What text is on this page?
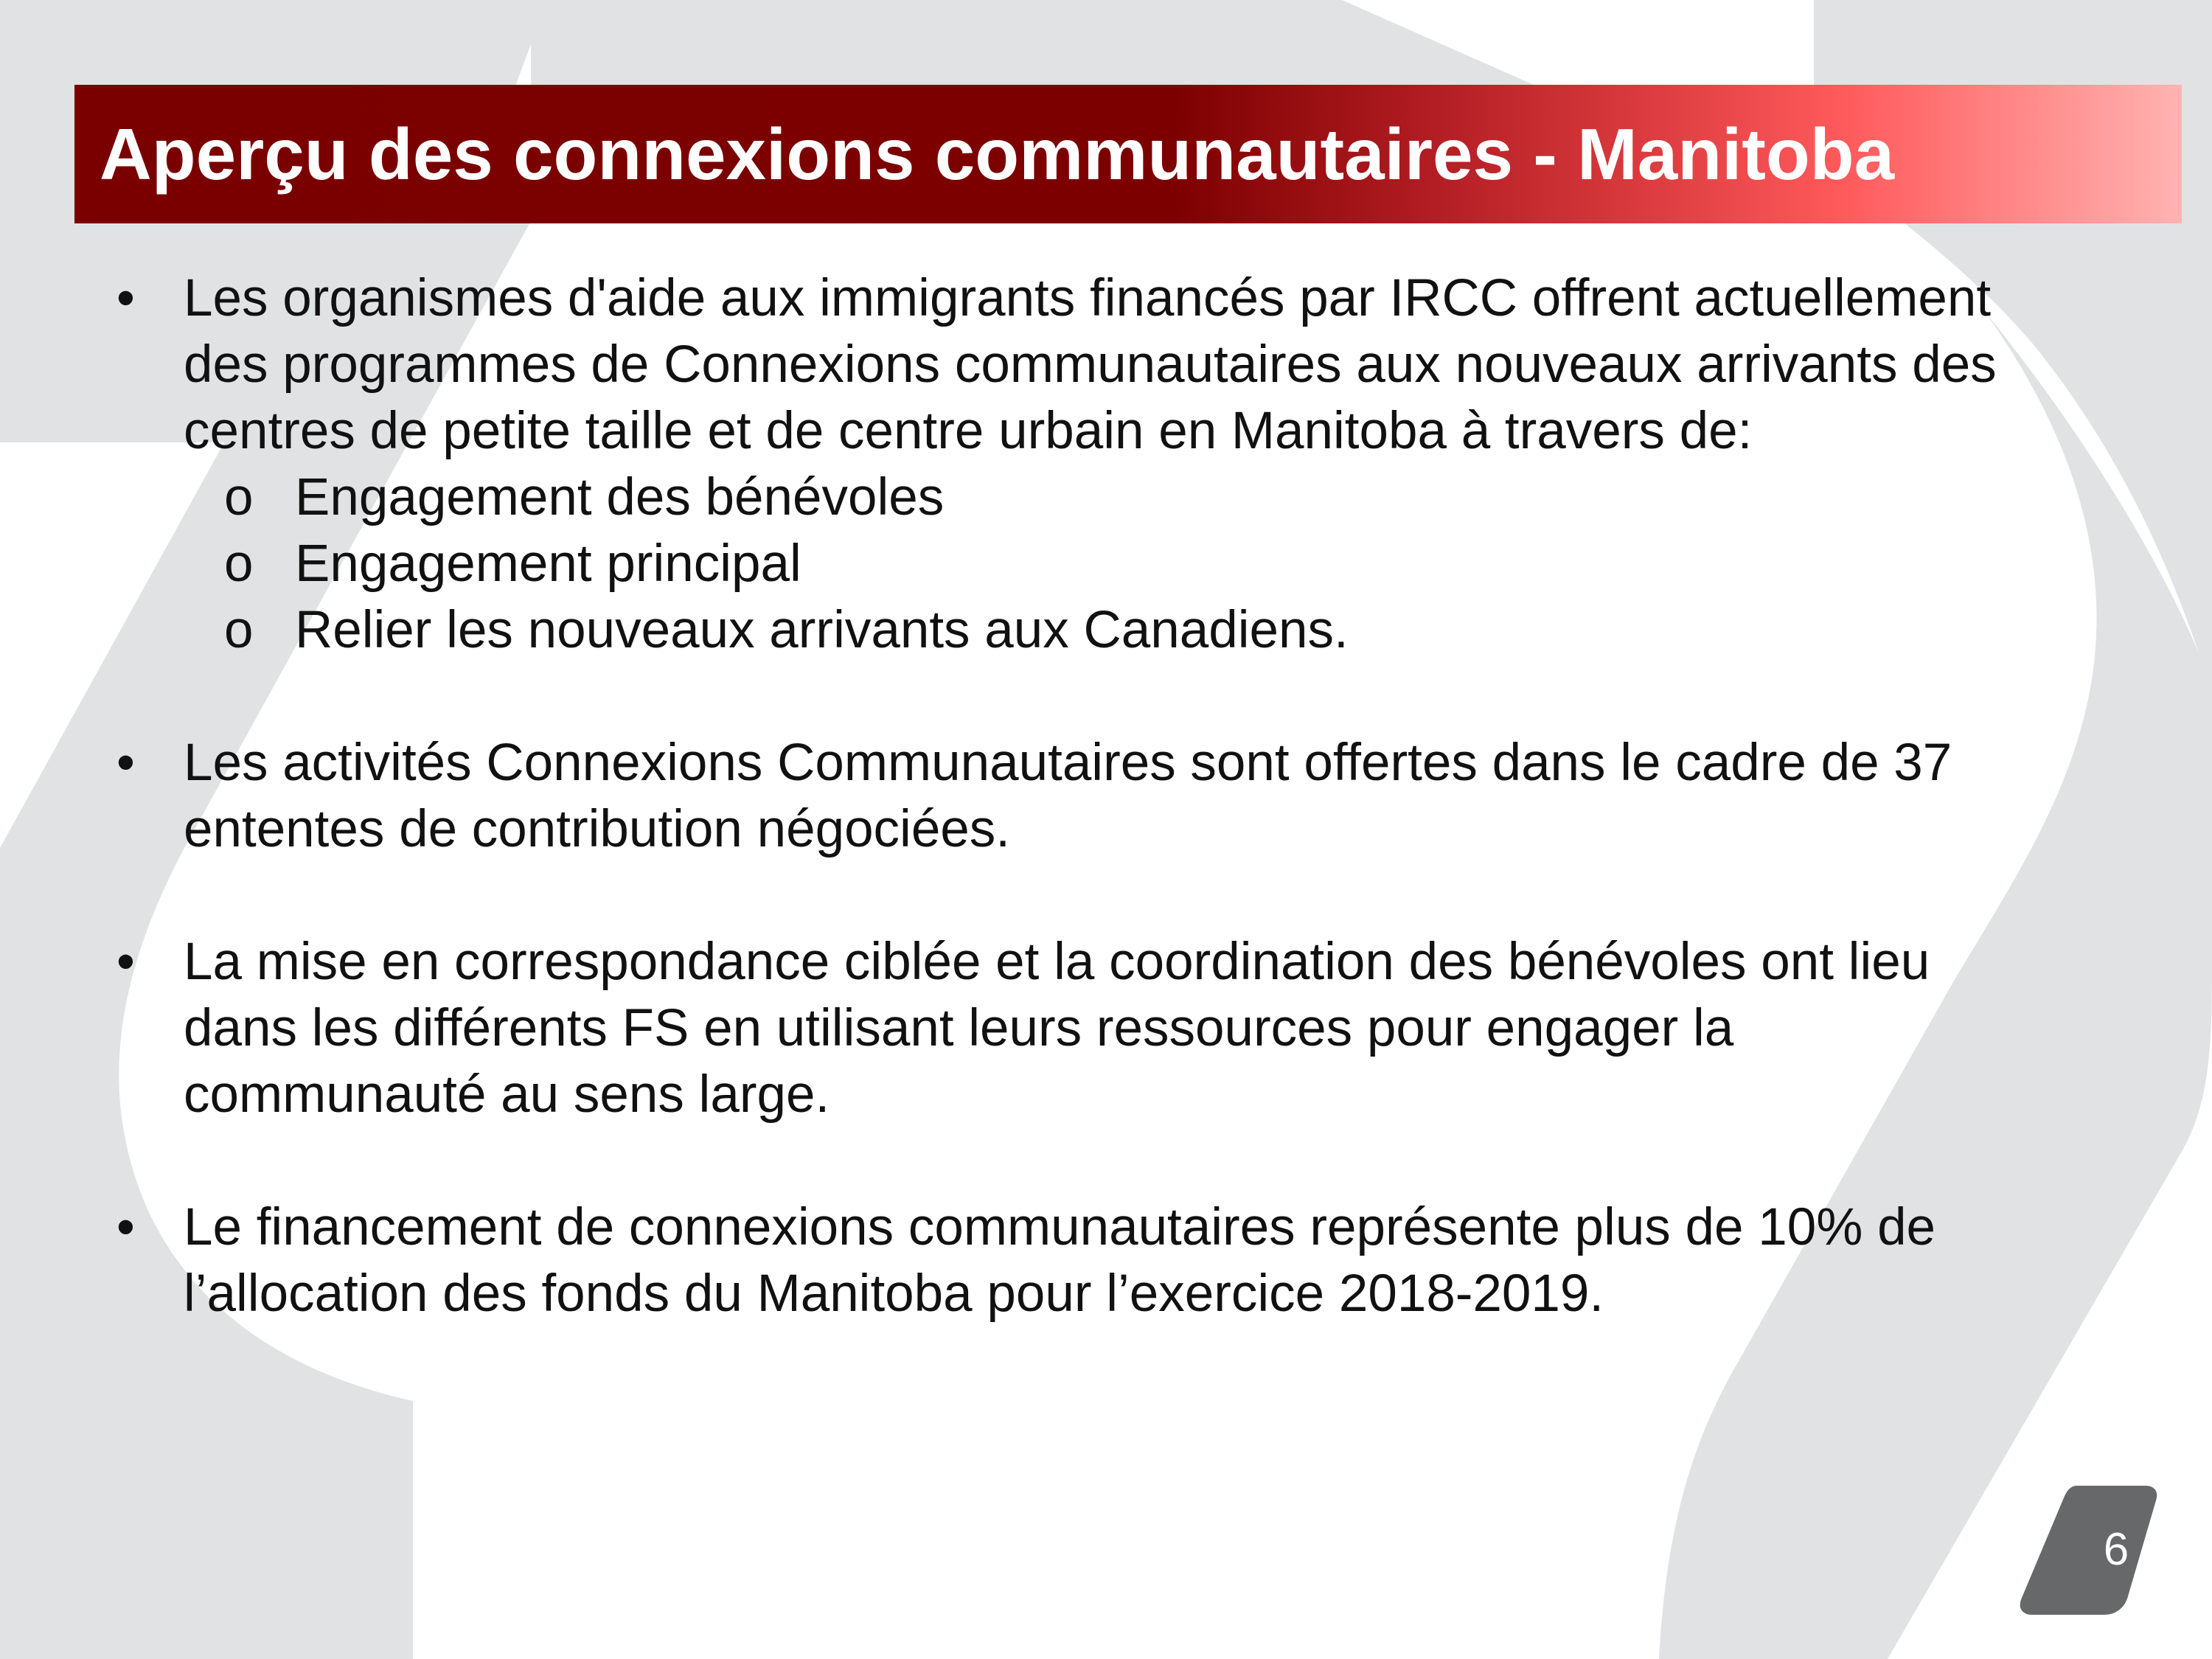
Aperçu des connexions communautaires - Manitoba
• Les organismes d'aide aux immigrants financés par IRCC offrent actuellement des programmes de Connexions communautaires aux nouveaux arrivants des centres de petite taille et de centre urbain en Manitoba à travers de:
o Engagement des bénévoles
o Engagement principal
o Relier les nouveaux arrivants aux Canadiens.
• Les activités Connexions Communautaires sont offertes dans le cadre de 37 ententes de contribution négociées.
• La mise en correspondance ciblée et la coordination des bénévoles ont lieu dans les différents FS en utilisant leurs ressources pour engager la communauté au sens large.
• Le financement de connexions communautaires représente plus de 10% de l’allocation des fonds du Manitoba pour l’exercice 2018-2019.
6
